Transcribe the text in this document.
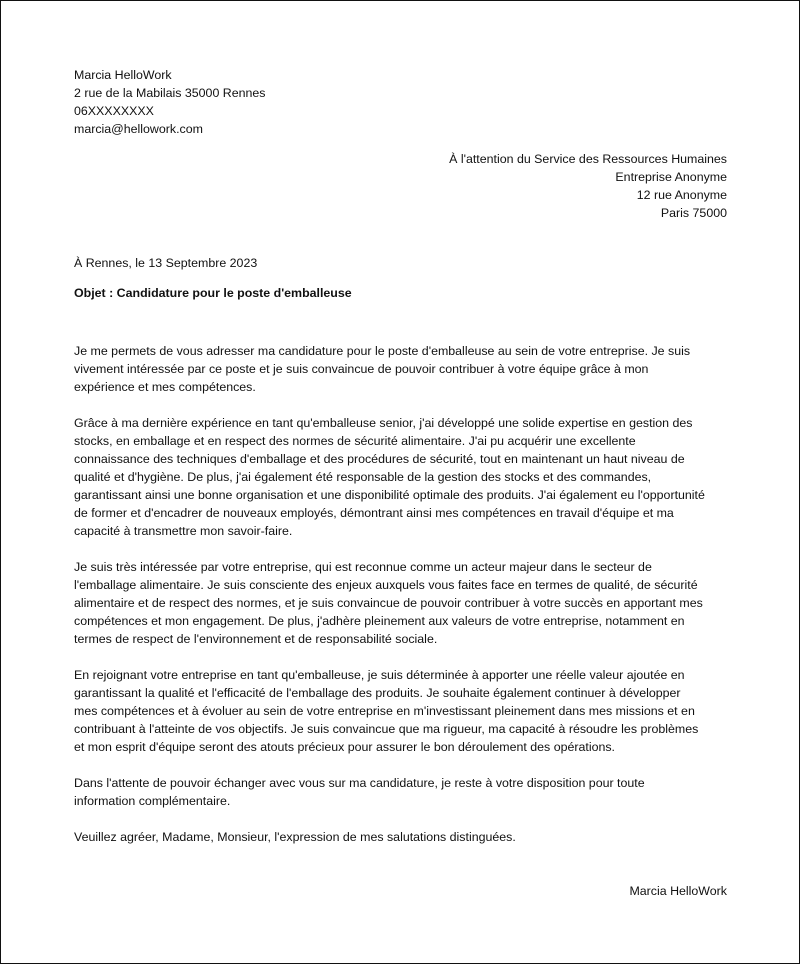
Marcia HelloWork
2 rue de la Mabilais 35000 Rennes
06XXXXXXXX
marcia@hellowork.com
À l'attention du Service des Ressources Humaines
Entreprise Anonyme
12 rue Anonyme
Paris 75000
À Rennes, le 13 Septembre 2023
Objet : Candidature pour le poste d'emballeuse
Je me permets de vous adresser ma candidature pour le poste d'emballeuse au sein de votre entreprise. Je suis
vivement intéressée par ce poste et je suis convaincue de pouvoir contribuer à votre équipe grâce à mon
expérience et mes compétences.
Grâce à ma dernière expérience en tant qu'emballeuse senior, j'ai développé une solide expertise en gestion des
stocks, en emballage et en respect des normes de sécurité alimentaire. J'ai pu acquérir une excellente
connaissance des techniques d'emballage et des procédures de sécurité, tout en maintenant un haut niveau de
qualité et d'hygiène. De plus, j'ai également été responsable de la gestion des stocks et des commandes,
garantissant ainsi une bonne organisation et une disponibilité optimale des produits. J'ai également eu l'opportunité
de former et d'encadrer de nouveaux employés, démontrant ainsi mes compétences en travail d'équipe et ma
capacité à transmettre mon savoir-faire.
Je suis très intéressée par votre entreprise, qui est reconnue comme un acteur majeur dans le secteur de
l'emballage alimentaire. Je suis consciente des enjeux auxquels vous faites face en termes de qualité, de sécurité
alimentaire et de respect des normes, et je suis convaincue de pouvoir contribuer à votre succès en apportant mes
compétences et mon engagement. De plus, j'adhère pleinement aux valeurs de votre entreprise, notamment en
termes de respect de l'environnement et de responsabilité sociale.
En rejoignant votre entreprise en tant qu'emballeuse, je suis déterminée à apporter une réelle valeur ajoutée en
garantissant la qualité et l'efficacité de l'emballage des produits. Je souhaite également continuer à développer
mes compétences et à évoluer au sein de votre entreprise en m'investissant pleinement dans mes missions et en
contribuant à l'atteinte de vos objectifs. Je suis convaincue que ma rigueur, ma capacité à résoudre les problèmes
et mon esprit d'équipe seront des atouts précieux pour assurer le bon déroulement des opérations.
Dans l'attente de pouvoir échanger avec vous sur ma candidature, je reste à votre disposition pour toute
information complémentaire.
Veuillez agréer, Madame, Monsieur, l'expression de mes salutations distinguées.
Marcia HelloWork
